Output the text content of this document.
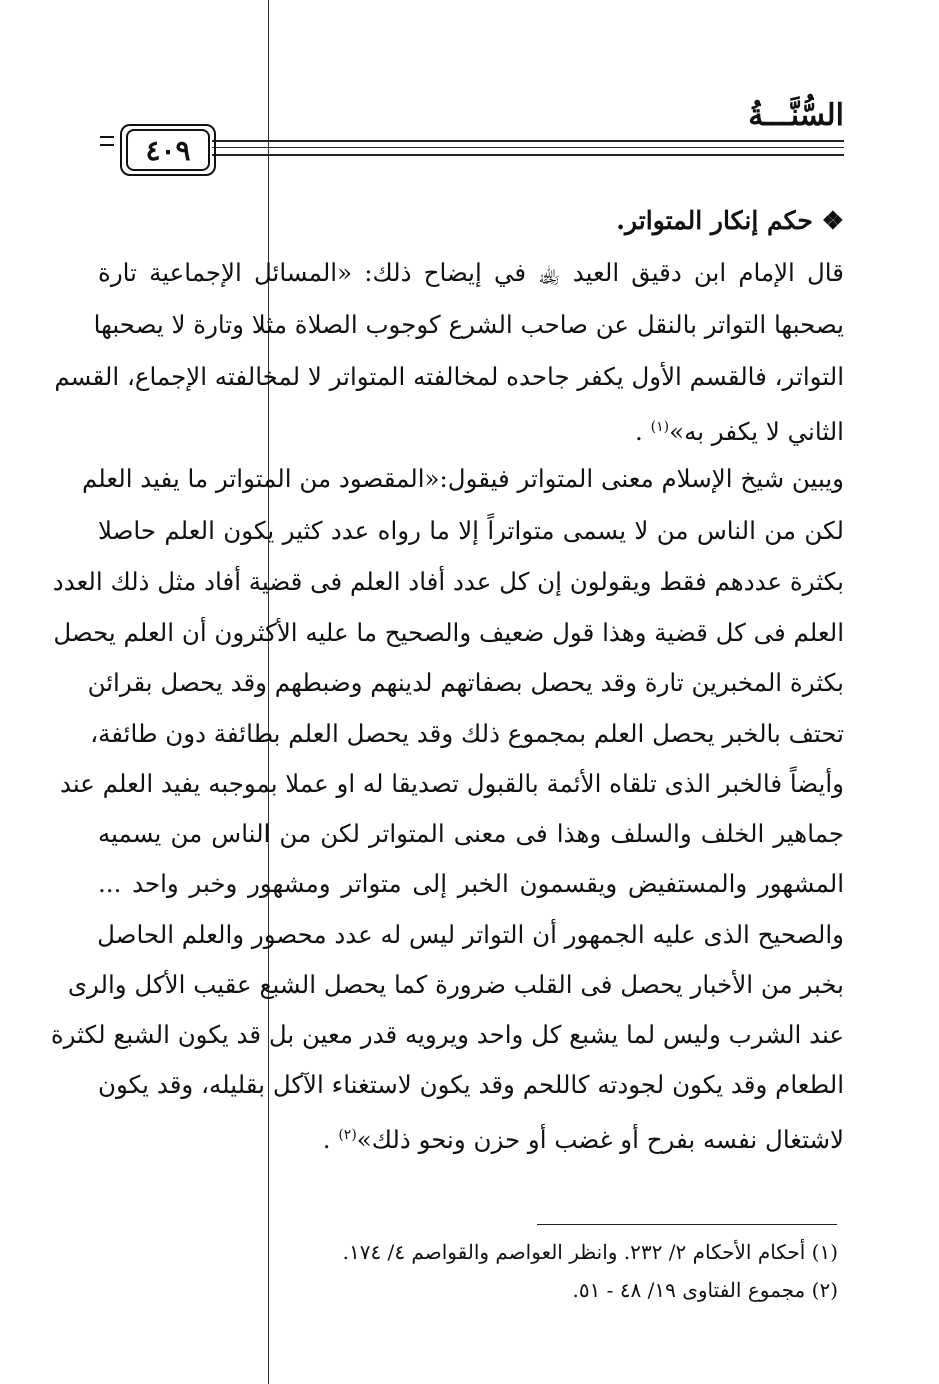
السُّنَّـــةُ
٤٠٩
❖ حكم إنكار المتواتر.
قال الإمام ابن دقيق العيد ﵀ في إيضاح ذلك: «المسائل الإجماعية تارة
يصحبها التواتر بالنقل عن صاحب الشرع كوجوب الصلاة مثلا وتارة لا يصحبها
التواتر، فالقسم الأول يكفر جاحده لمخالفته المتواتر لا لمخالفته الإجماع، القسم
الثاني لا يكفر به»$^{(١)}$ .
ويبين شيخ الإسلام معنى المتواتر فيقول:«المقصود من المتواتر ما يفيد العلم
لكن من الناس من لا يسمى متواتراً إلا ما رواه عدد كثير يكون العلم حاصلا
بكثرة عددهم فقط ويقولون إن كل عدد أفاد العلم فى قضية أفاد مثل ذلك العدد
العلم فى كل قضية وهذا قول ضعيف والصحيح ما عليه الأكثرون أن العلم يحصل
بكثرة المخبرين تارة وقد يحصل بصفاتهم لدينهم وضبطهم وقد يحصل بقرائن
تحتف بالخبر يحصل العلم بمجموع ذلك وقد يحصل العلم بطائفة دون طائفة،
وأيضاً فالخبر الذى تلقاه الأئمة بالقبول تصديقا له او عملا بموجبه يفيد العلم عند
جماهير الخلف والسلف وهذا فى معنى المتواتر لكن من الناس من يسميه
المشهور والمستفيض ويقسمون الخبر إلى متواتر ومشهور وخبر واحد ...
والصحيح الذى عليه الجمهور أن التواتر ليس له عدد محصور والعلم الحاصل
بخبر من الأخبار يحصل فى القلب ضرورة كما يحصل الشبع عقيب الأكل والرى
عند الشرب وليس لما يشبع كل واحد ويرويه قدر معين بل قد يكون الشبع لكثرة
الطعام وقد يكون لجودته كاللحم وقد يكون لاستغناء الآكل بقليله، وقد يكون
لاشتغال نفسه بفرح أو غضب أو حزن ونحو ذلك»$^{(٢)}$ .
(١) أحكام الأحكام ٢/ ٢٣٢. وانظر العواصم والقواصم ٤/ ١٧٤.
(٢) مجموع الفتاوى ١٩/ ٤٨ - ٥١.
